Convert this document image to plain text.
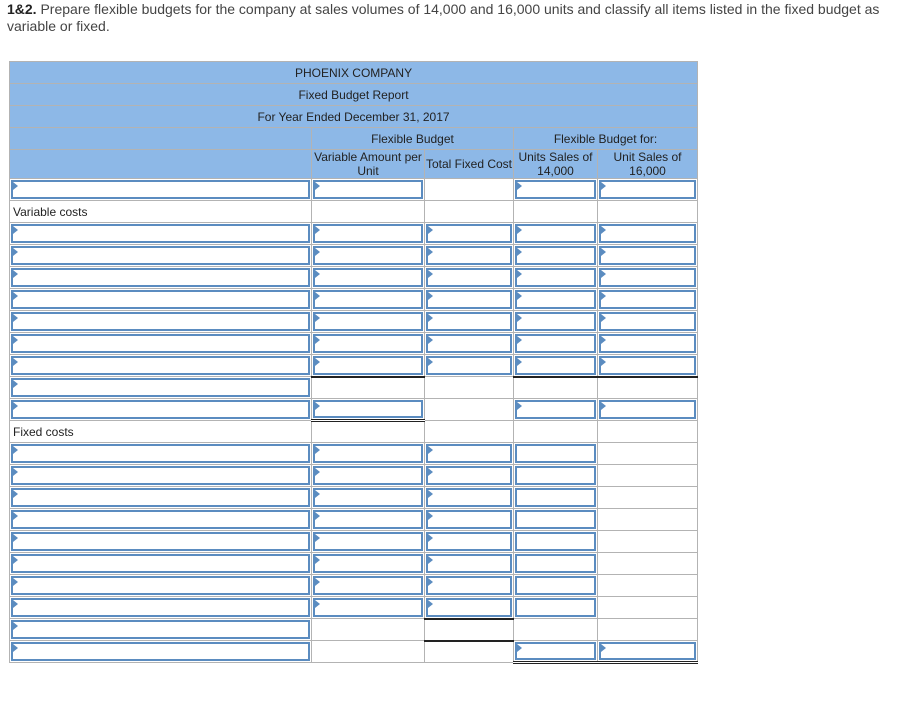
1&2. Prepare flexible budgets for the company at sales volumes of 14,000 and 16,000 units and classify all items listed in the fixed budget as variable or fixed.
PHOENIX COMPANY				
Fixed Budget Report				
For Year Ended December 31, 2017				
	Flexible Budget		Flexible Budget for:	
	Variable Amount per Unit	Total Fixed Cost	Units Sales of 14,000	Unit Sales of 16,000

Variable costs				

Fixed costs				
